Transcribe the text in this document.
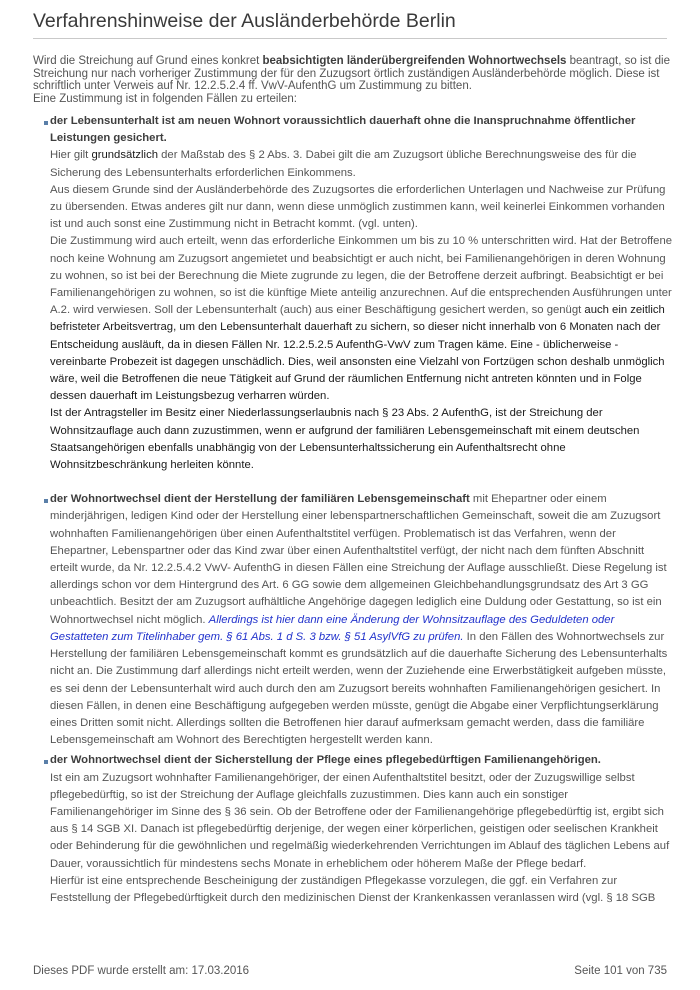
Verfahrenshinweise der Ausländerbehörde Berlin

Wird die Streichung auf Grund eines konkret beabsichtigten länderübergreifenden Wohnortwechsels beantragt, so ist die Streichung nur nach vorheriger Zustimmung der für den Zuzugsort örtlich zuständigen Ausländerbehörde möglich. Diese ist schriftlich unter Verweis auf Nr. 12.2.5.2.4 ff. VwV-AufenthG um Zustimmung zu bitten.

Eine Zustimmung ist in folgenden Fällen zu erteilen:

der Lebensunterhalt ist am neuen Wohnort voraussichtlich dauerhaft ohne die Inanspruchnahme öffentlicher Leistungen gesichert.

Hier gilt grundsätzlich der Maßstab des § 2 Abs. 3. Dabei gilt die am Zuzugsort übliche Berechnungsweise des für die Sicherung des Lebensunterhalts erforderlichen Einkommens.

Aus diesem Grunde sind der Ausländerbehörde des Zuzugsortes die erforderlichen Unterlagen und Nachweise zur Prüfung zu übersenden. Etwas anderes gilt nur dann, wenn diese unmöglich zustimmen kann, weil keinerlei Einkommen vorhanden ist und auch sonst eine Zustimmung nicht in Betracht kommt. (vgl. unten).

Die Zustimmung wird auch erteilt, wenn das erforderliche Einkommen um bis zu 10 % unterschritten wird. Hat der Betroffene noch keine Wohnung am Zuzugsort angemietet und beabsichtigt er auch nicht, bei Familienangehörigen in deren Wohnung zu wohnen, so ist bei der Berechnung die Miete zugrunde zu legen, die der Betroffene derzeit aufbringt. Beabsichtigt er bei Familienangehörigen zu wohnen, so ist die künftige Miete anteilig anzurechnen. Auf die entsprechenden Ausführungen unter A.2. wird verwiesen. Soll der Lebensunterhalt (auch) aus einer Beschäftigung gesichert werden, so genügt auch ein zeitlich befristeter Arbeitsvertrag, um den Lebensunterhalt dauerhaft zu sichern, so dieser nicht innerhalb von 6 Monaten nach der Entscheidung ausläuft, da in diesen Fällen Nr. 12.2.5.2.5 AufenthG-VwV zum Tragen käme. Eine - üblicherweise - vereinbarte Probezeit ist dagegen unschädlich. Dies, weil ansonsten eine Vielzahl von Fortzügen schon deshalb unmöglich wäre, weil die Betroffenen die neue Tätigkeit auf Grund der räumlichen Entfernung nicht antreten könnten und in Folge dessen dauerhaft im Leistungsbezug verharren würden.

Ist der Antragsteller im Besitz einer Niederlassungserlaubnis nach § 23 Abs. 2 AufenthG, ist der Streichung der Wohnsitzauflage auch dann zuzustimmen, wenn er aufgrund der familiären Lebensgemeinschaft mit einem deutschen Staatsangehörigen ebenfalls unabhängig von der Lebensunterhaltssicherung ein Aufenthaltsrecht ohne Wohnsitzbeschränkung herleiten könnte.

der Wohnortwechsel dient der Herstellung der familiären Lebensgemeinschaft mit Ehepartner oder einem minderjährigen, ledigen Kind oder der Herstellung einer lebenspartnerschaftlichen Gemeinschaft, soweit die am Zuzugsort wohnhaften Familienangehörigen über einen Aufenthaltstitel verfügen. Problematisch ist das Verfahren, wenn der Ehepartner, Lebenspartner oder das Kind zwar über einen Aufenthaltstitel verfügt, der nicht nach dem fünften Abschnitt erteilt wurde, da Nr. 12.2.5.4.2 VwV- AufenthG in diesen Fällen eine Streichung der Auflage ausschließt. Diese Regelung ist allerdings schon vor dem Hintergrund des Art. 6 GG sowie dem allgemeinen Gleichbehandlungsgrundsatz des Art 3 GG unbeachtlich. Besitzt der am Zuzugsort aufhältliche Angehörige dagegen lediglich eine Duldung oder Gestattung, so ist ein Wohnortwechsel nicht möglich. Allerdings ist hier dann eine Änderung der Wohnsitzauflage des Geduldeten oder Gestatteten zum Titelinhaber gem. § 61 Abs. 1 d S. 3 bzw. § 51 AsylVfG zu prüfen. In den Fällen des Wohnortwechsels zur Herstellung der familiären Lebensgemeinschaft kommt es grundsätzlich auf die dauerhafte Sicherung des Lebensunterhalts nicht an. Die Zustimmung darf allerdings nicht erteilt werden, wenn der Zuziehende eine Erwerbstätigkeit aufgeben müsste, es sei denn der Lebensunterhalt wird auch durch den am Zuzugsort bereits wohnhaften Familienangehörigen gesichert. In diesen Fällen, in denen eine Beschäftigung aufgegeben werden müsste, genügt die Abgabe einer Verpflichtungserklärung eines Dritten somit nicht. Allerdings sollten die Betroffenen hier darauf aufmerksam gemacht werden, dass die familiäre Lebensgemeinschaft am Wohnort des Berechtigten hergestellt werden kann.

der Wohnortwechsel dient der Sicherstellung der Pflege eines pflegebedürftigen Familienangehörigen.

Ist ein am Zuzugsort wohnhafter Familienangehöriger, der einen Aufenthaltstitel besitzt, oder der Zuzugswillige selbst pflegebedürftig, so ist der Streichung der Auflage gleichfalls zuzustimmen. Dies kann auch ein sonstiger Familienangehöriger im Sinne des § 36 sein. Ob der Betroffene oder der Familienangehörige pflegebedürftig ist, ergibt sich aus § 14 SGB XI. Danach ist pflegebedürftig derjenige, der wegen einer körperlichen, geistigen oder seelischen Krankheit oder Behinderung für die gewöhnlichen und regelmäßig wiederkehrenden Verrichtungen im Ablauf des täglichen Lebens auf Dauer, voraussichtlich für mindestens sechs Monate in erheblichem oder höherem Maße der Pflege bedarf.

Hierfür ist eine entsprechende Bescheinigung der zuständigen Pflegekasse vorzulegen, die ggf. ein Verfahren zur Feststellung der Pflegebedürftigkeit durch den medizinischen Dienst der Krankenkassen veranlassen wird (vgl. § 18 SGB

Dieses PDF wurde erstellt am: 17.03.2016	Seite 101 von 735
